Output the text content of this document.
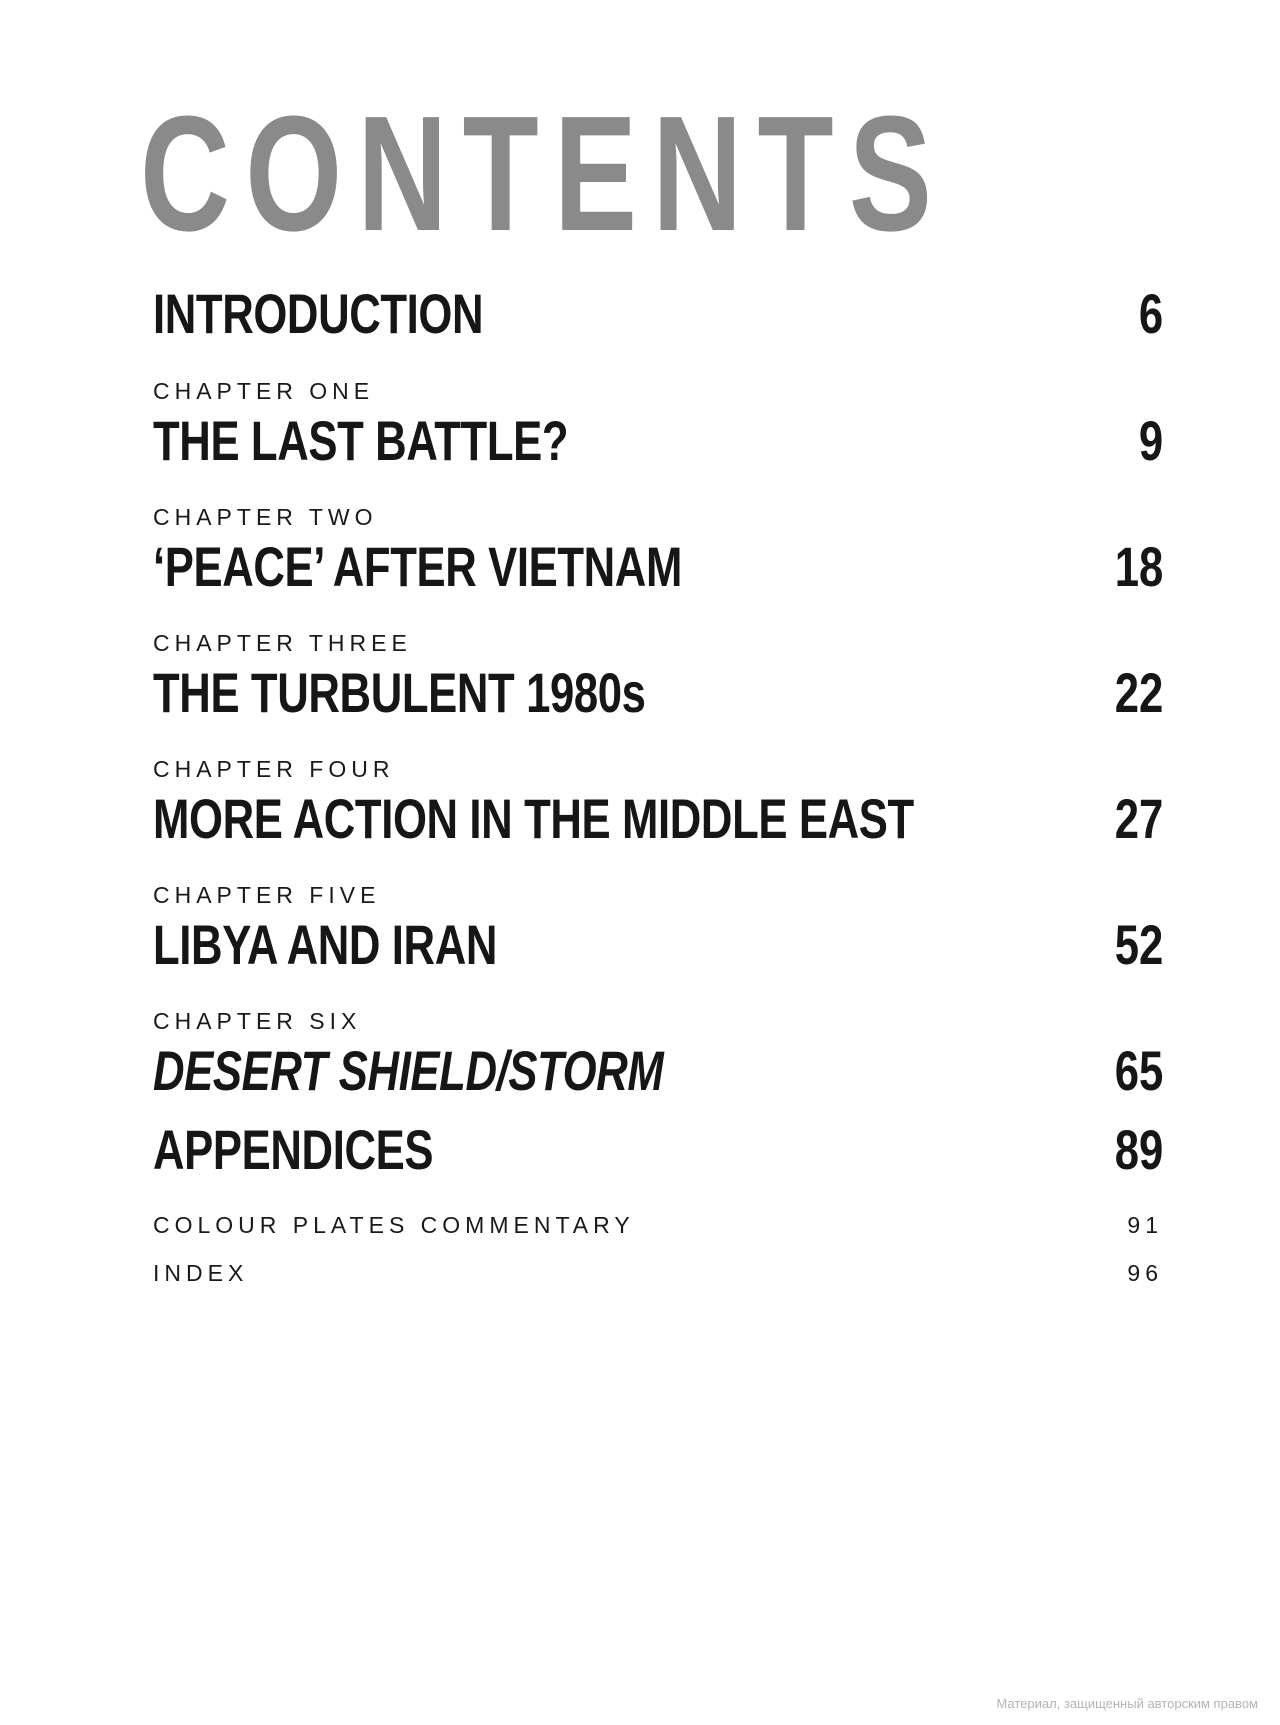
CONTENTS
INTRODUCTION	6
CHAPTER ONE
THE LAST BATTLE?	9
CHAPTER TWO
‘PEACE’ AFTER VIETNAM	18
CHAPTER THREE
THE TURBULENT 1980s	22
CHAPTER FOUR
MORE ACTION IN THE MIDDLE EAST	27
CHAPTER FIVE
LIBYA AND IRAN	52
CHAPTER SIX
DESERT SHIELD/STORM	65
APPENDICES	89
COLOUR PLATES COMMENTARY	91
INDEX	96
Материал, защищенный авторским правом
